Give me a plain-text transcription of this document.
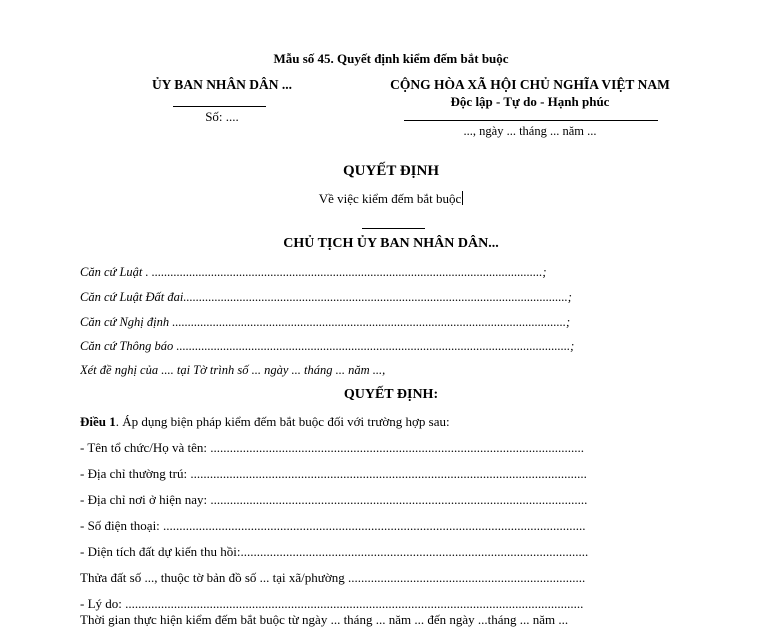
Mẫu số 45. Quyết định kiểm đếm bắt buộc
ỦY BAN NHÂN DÂN ...
Số: ....
CỘNG HÒA XÃ HỘI CHỦ NGHĨA VIỆT NAM
Độc lập - Tự do - Hạnh phúc
..., ngày ... tháng ... năm ...
QUYẾT ĐỊNH
Về việc kiểm đếm bắt buộc
CHỦ TỊCH ỦY BAN NHÂN DÂN...
Căn cứ Luật . .............................................................................................................................;
Căn cứ Luật Đất đai...........................................................................................................................;
Căn cứ Nghị định ..............................................................................................................................;
Căn cứ Thông báo ..............................................................................................................................;
Xét đề nghị của .... tại Tờ trình số ... ngày ... tháng ... năm ...,
QUYẾT ĐỊNH:
Điều 1. Áp dụng biện pháp kiểm đếm bắt buộc đối với trường hợp sau:
- Tên tổ chức/Họ và tên: ...................................................................................................................
- Địa chỉ thường trú: ..........................................................................................................................
- Địa chỉ nơi ở hiện nay: ....................................................................................................................
- Số điện thoại: ..................................................................................................................................
- Diện tích đất dự kiến thu hồi:...........................................................................................................
Thửa đất số ..., thuộc tờ bản đồ số ... tại xã/phường .........................................................................
- Lý do: .............................................................................................................................................
Thời gian thực hiện kiểm đếm bắt buộc từ ngày ... tháng ... năm ... đến ngày ...tháng ... năm ...
